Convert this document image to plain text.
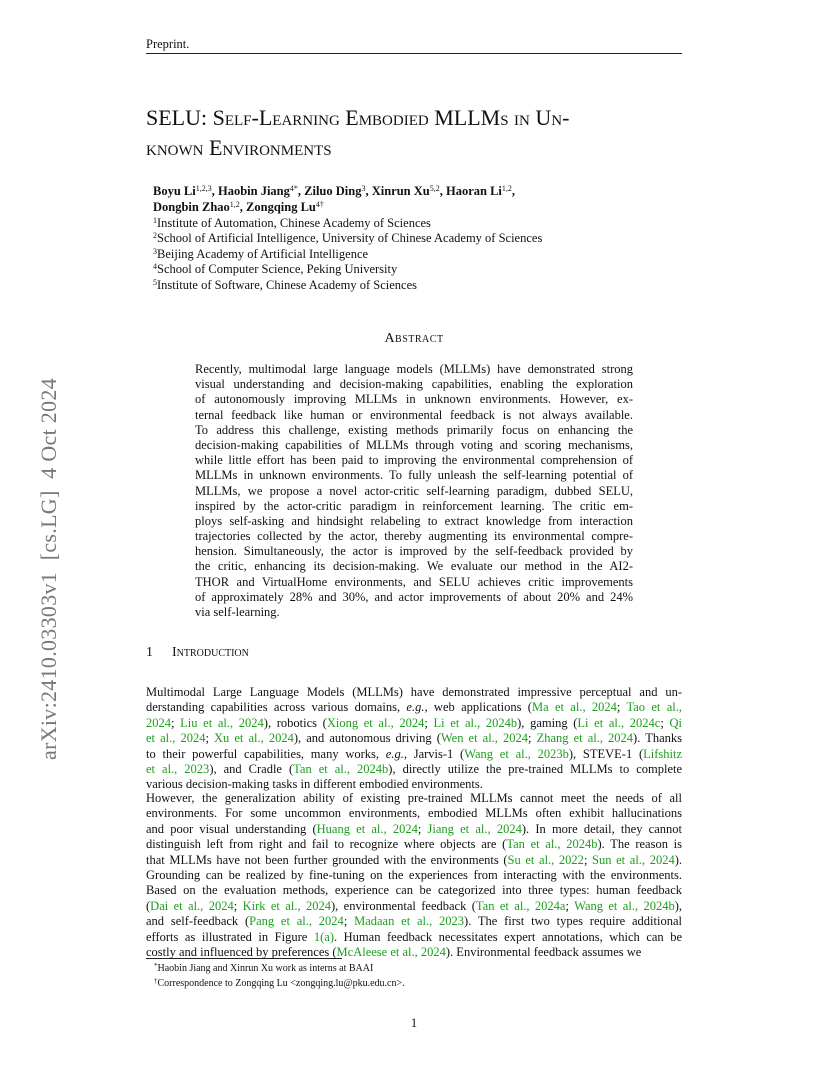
Preprint.
arXiv:2410.03303v1  [cs.LG]  4 Oct 2024
SELU: Self-Learning Embodied MLLMs in Un-
known Environments
Boyu Li$^{1,2,3}$, Haobin Jiang$^{4*}$, Ziluo Ding$^3$, Xinrun Xu$^{5,2}$, Haoran Li$^{1,2}$,
Dongbin Zhao$^{1,2}$, Zongqing $Lu^{4\dagger}$
$^1$Institute of Automation, Chinese Academy of Sciences
$^2$School of Artificial Intelligence, University of Chinese Academy of Sciences
$^3$Beijing Academy of Artificial Intelligence
$^4$School of Computer Science, Peking University
$^5$Institute of Software, Chinese Academy of Sciences
Abstract
Recently, multimodal large language models (MLLMs) have demonstrated strong
visual understanding and decision-making capabilities, enabling the exploration
of autonomously improving MLLMs in unknown environments. However, ex-
ternal feedback like human or environmental feedback is not always available.
To address this challenge, existing methods primarily focus on enhancing the
decision-making capabilities of MLLMs through voting and scoring mechanisms,
while little effort has been paid to improving the environmental comprehension of
MLLMs in unknown environments. To fully unleash the self-learning potential of
MLLMs, we propose a novel actor-critic self-learning paradigm, dubbed SELU,
inspired by the actor-critic paradigm in reinforcement learning. The critic em-
ploys self-asking and hindsight relabeling to extract knowledge from interaction
trajectories collected by the actor, thereby augmenting its environmental compre-
hension. Simultaneously, the actor is improved by the self-feedback provided by
the critic, enhancing its decision-making. We evaluate our method in the AI2-
THOR and VirtualHome environments, and SELU achieves critic improvements
of approximately 28% and 30%, and actor improvements of about 20% and 24%
via self-learning.
1 Introduction
Multimodal Large Language Models (MLLMs) have demonstrated impressive perceptual and un-
derstanding capabilities across various domains, e.g., web applications (Ma et al., 2024; Tao et al.,
2024; Liu et al., 2024), robotics (Xiong et al., 2024; Li et al., 2024b), gaming (Li et al., 2024c; Qi
et al., 2024; Xu et al., 2024), and autonomous driving (Wen et al., 2024; Zhang et al., 2024). Thanks
to their powerful capabilities, many works, e.g., Jarvis-1 (Wang et al., 2023b), STEVE-1 (Lifshitz
et al., 2023), and Cradle (Tan et al., 2024b), directly utilize the pre-trained MLLMs to complete
various decision-making tasks in different embodied environments.
However, the generalization ability of existing pre-trained MLLMs cannot meet the needs of all
environments. For some uncommon environments, embodied MLLMs often exhibit hallucinations
and poor visual understanding (Huang et al., 2024; Jiang et al., 2024). In more detail, they cannot
distinguish left from right and fail to recognize where objects are (Tan et al., 2024b). The reason is
that MLLMs have not been further grounded with the environments (Su et al., 2022; Sun et al., 2024).
Grounding can be realized by fine-tuning on the experiences from interacting with the environments.
Based on the evaluation methods, experience can be categorized into three types: human feedback
(Dai et al., 2024; Kirk et al., 2024), environmental feedback (Tan et al., 2024a; Wang et al., 2024b),
and self-feedback (Pang et al., 2024; Madaan et al., 2023). The first two types require additional
efforts as illustrated in Figure 1(a). Human feedback necessitates expert annotations, which can be
costly and influenced by preferences (McAleese et al., 2024). Environmental feedback assumes we
*Haobin Jiang and Xinrun Xu work as interns at BAAI
†Correspondence to Zongqing Lu <zongqing.lu@pku.edu.cn>.
1
